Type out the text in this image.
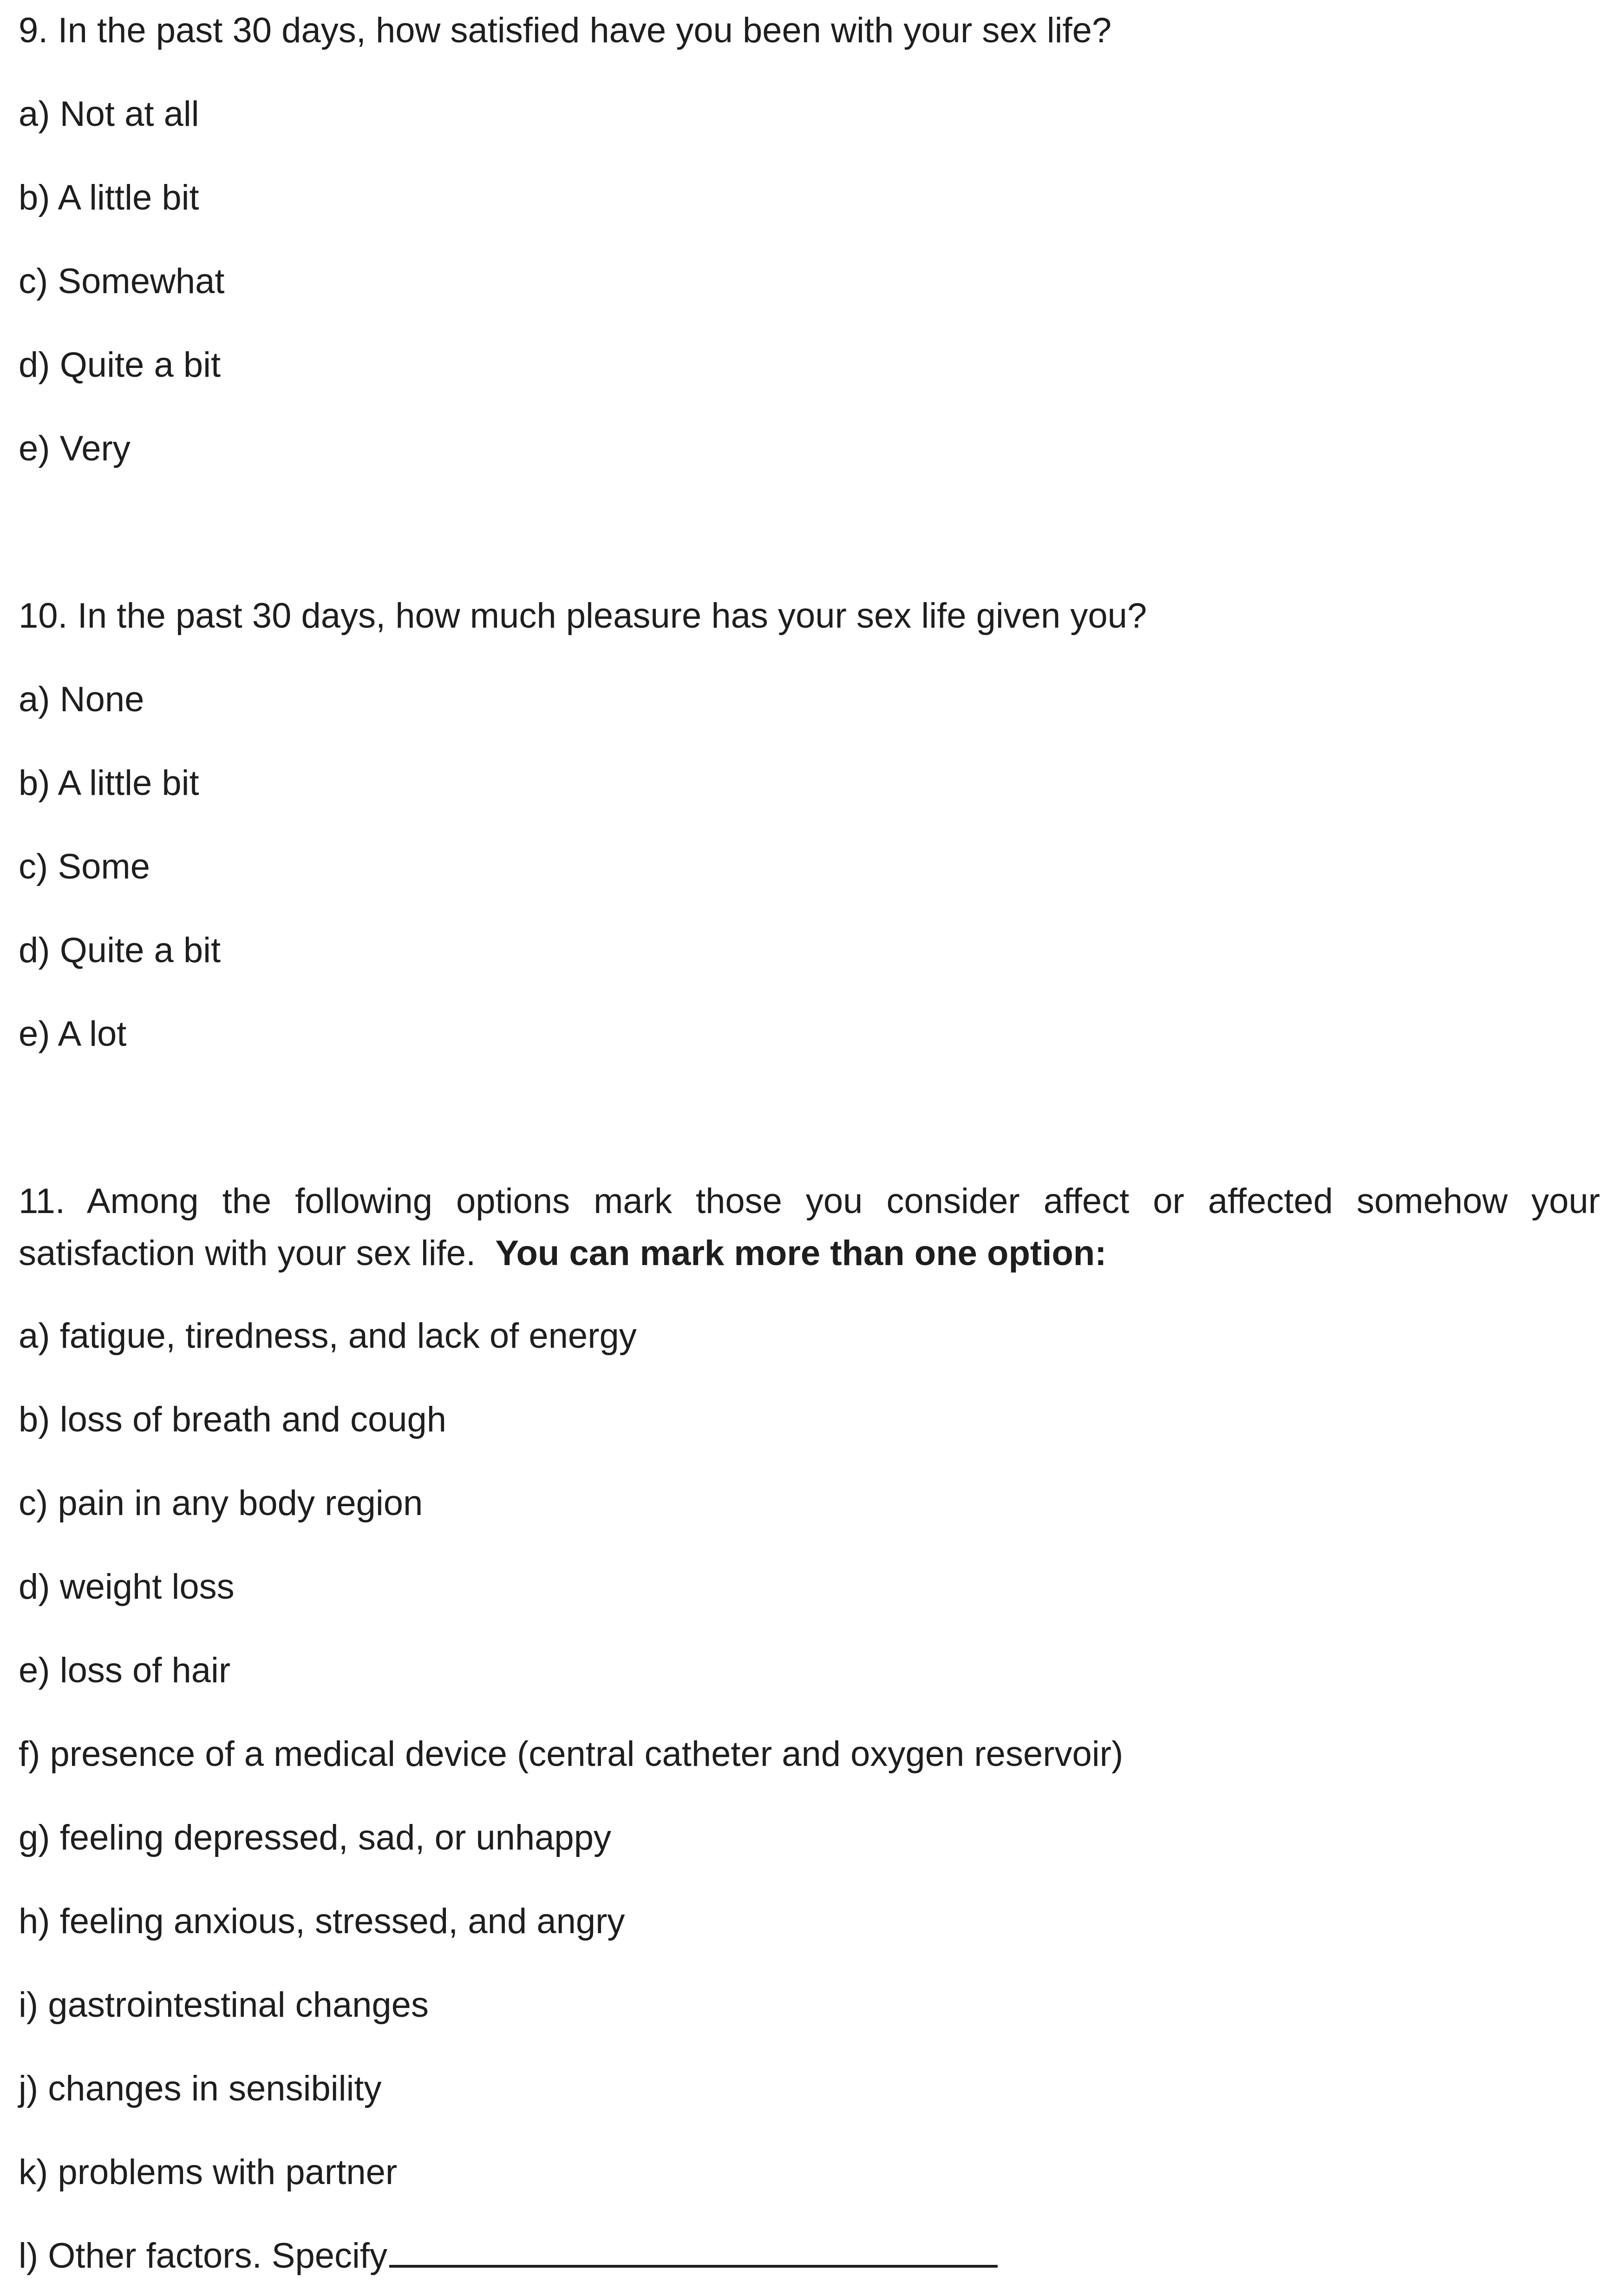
9. In the past 30 days, how satisfied have you been with your sex life?
a) Not at all
b) A little bit
c) Somewhat
d) Quite a bit
e) Very
10. In the past 30 days, how much pleasure has your sex life given you?
a) None
b) A little bit
c) Some
d) Quite a bit
e) A lot
11. Among the following options mark those you consider affect or affected somehow your satisfaction with your sex life. You can mark more than one option:
a) fatigue, tiredness, and lack of energy
b) loss of breath and cough
c) pain in any body region
d) weight loss
e) loss of hair
f) presence of a medical device (central catheter and oxygen reservoir)
g) feeling depressed, sad, or unhappy
h) feeling anxious, stressed, and angry
i) gastrointestinal changes
j) changes in sensibility
k) problems with partner
l) Other factors. Specify
